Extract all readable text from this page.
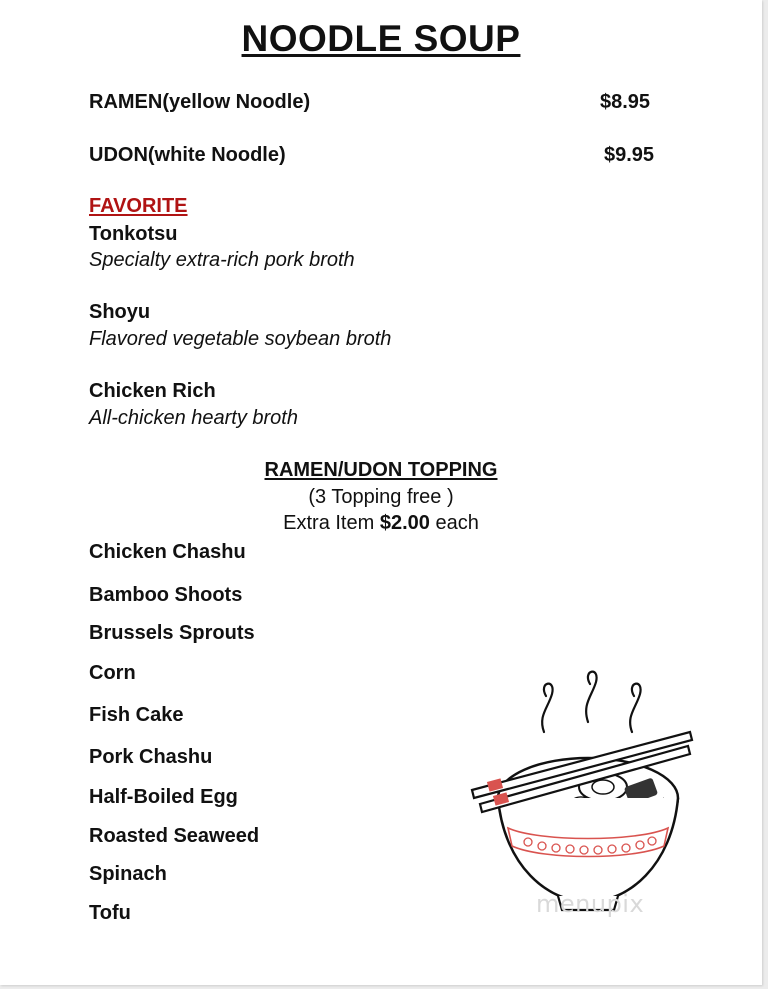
NOODLE SOUP
RAMEN(yellow Noodle)	$8.95
UDON(white Noodle)	$9.95
FAVORITE
Tonkotsu
Specialty extra-rich pork broth
Shoyu
Flavored vegetable soybean broth
Chicken Rich
All-chicken hearty broth
RAMEN/UDON TOPPING
(3 Topping free )
Extra Item $2.00 each
Chicken Chashu
Bamboo Shoots
Brussels Sprouts
Corn
Fish Cake
Pork Chashu
Half-Boiled Egg
Roasted Seaweed
Spinach
Tofu	menupix
